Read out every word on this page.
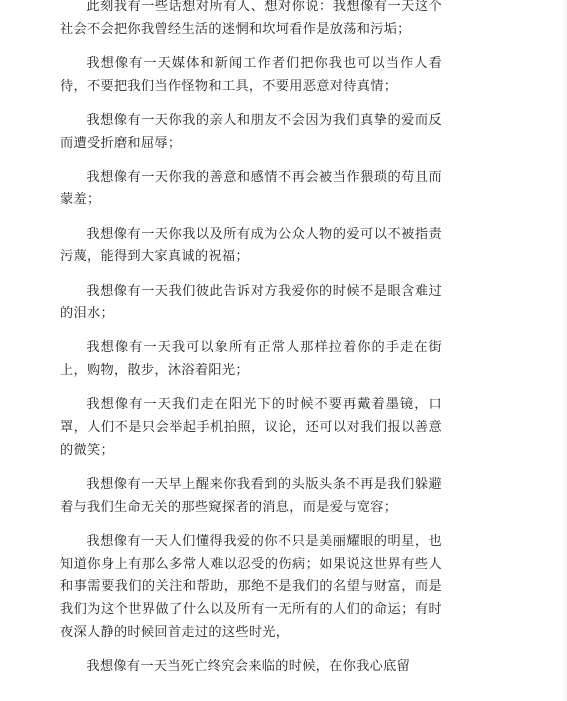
此刻我有一些话想对所有人、想对你说：我想像有一天这个社会不会把你我曾经生活的迷惘和坎坷看作是放荡和污垢；

我想像有一天媒体和新闻工作者们把你我也可以当作人看待，不要把我们当作怪物和工具，不要用恶意对待真情；

我想像有一天你我的亲人和朋友不会因为我们真挚的爱而反而遭受折磨和屈辱；

我想像有一天你我的善意和感情不再会被当作猥琐的苟且而蒙羞；

我想像有一天你我以及所有成为公众人物的爱可以不被指责污蔑，能得到大家真诚的祝福；

我想像有一天我们彼此告诉对方我爱你的时候不是眼含难过的泪水；

我想像有一天我可以象所有正常人那样拉着你的手走在街上，购物，散步，沐浴着阳光；

我想像有一天我们走在阳光下的时候不要再戴着墨镜，口罩，人们不是只会举起手机拍照，议论，还可以对我们报以善意的微笑；

我想像有一天早上醒来你我看到的头版头条不再是我们躲避着与我们生命无关的那些窥探者的消息，而是爱与宽容；

我想像有一天人们懂得我爱的你不只是美丽耀眼的明星，也知道你身上有那么多常人难以忍受的伤病；如果说这世界有些人和事需要我们的关注和帮助，那绝不是我们的名望与财富，而是我们为这个世界做了什么以及所有一无所有的人们的命运；有时夜深人静的时候回首走过的这些时光，

我想像有一天当死亡终究会来临的时候，在你我心底留
